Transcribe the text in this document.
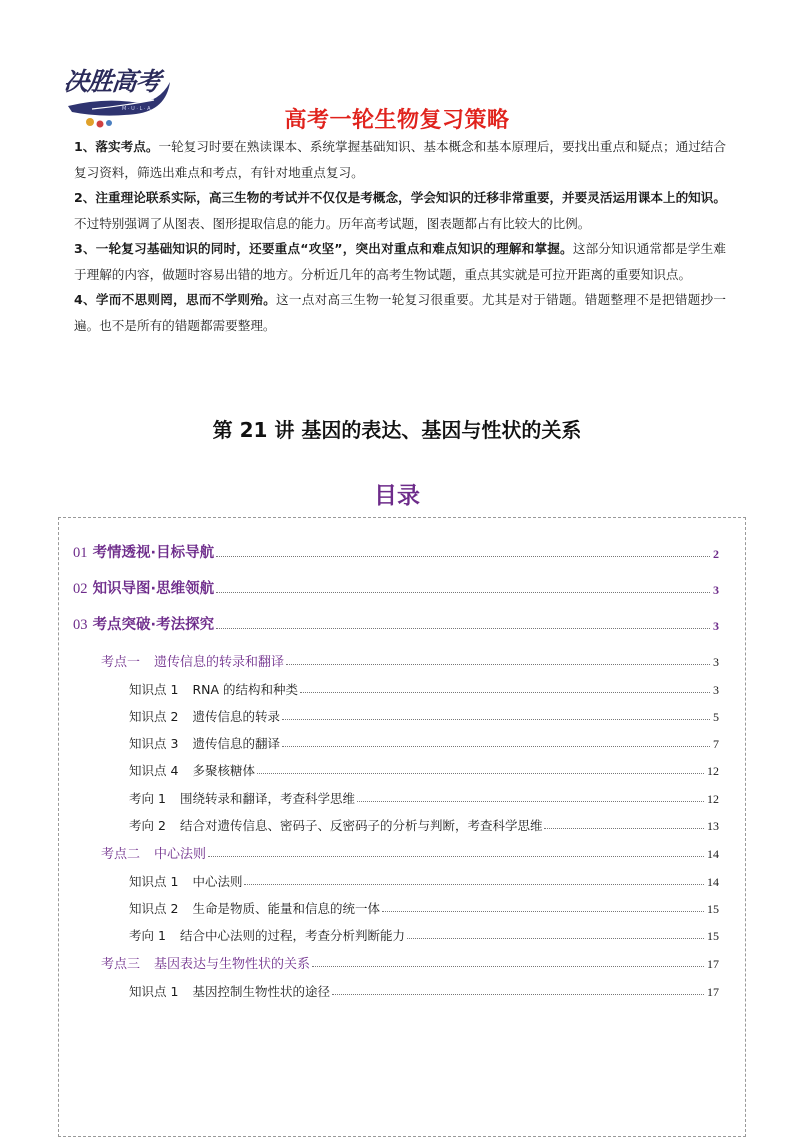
M · U · L · A
决胜高考
高考一轮生物复习策略

1、落实考点。一轮复习时要在熟读课本、系统掌握基础知识、基本概念和基本原理后，要找出重点和疑点；通过结合复习资料，筛选出难点和考点，有针对地重点复习。

2、注重理论联系实际，高三生物的考试并不仅仅是考概念，学会知识的迁移非常重要，并要灵活运用课本上的知识。不过特别强调了从图表、图形提取信息的能力。历年高考试题，图表题都占有比较大的比例。

3、一轮复习基础知识的同时，还要重点“攻坚”，突出对重点和难点知识的理解和掌握。这部分知识通常都是学生难于理解的内容，做题时容易出错的地方。分析近几年的高考生物试题，重点其实就是可拉开距离的重要知识点。

4、学而不思则罔，思而不学则殆。这一点对高三生物一轮复习很重要。尤其是对于错题。错题整理不是把错题抄一遍。也不是所有的错题都需要整理。

第 21 讲 基因的表达、基因与性状的关系
目录
01 考情透视·目标导航	2
02 知识导图·思维领航	3
03 考点突破·考法探究	3
考点一 遗传信息的转录和翻译	3
知识点 1 RNA 的结构和种类	3
知识点 2 遗传信息的转录	5
知识点 3 遗传信息的翻译	7
知识点 4 多聚核糖体	12
考向 1 围绕转录和翻译，考查科学思维	12
考向 2 结合对遗传信息、密码子、反密码子的分析与判断，考查科学思维	13
考点二 中心法则	14
知识点 1 中心法则	14
知识点 2 生命是物质、能量和信息的统一体	15
考向 1 结合中心法则的过程，考查分析判断能力	15
考点三 基因表达与生物性状的关系	17
知识点 1 基因控制生物性状的途径	17
